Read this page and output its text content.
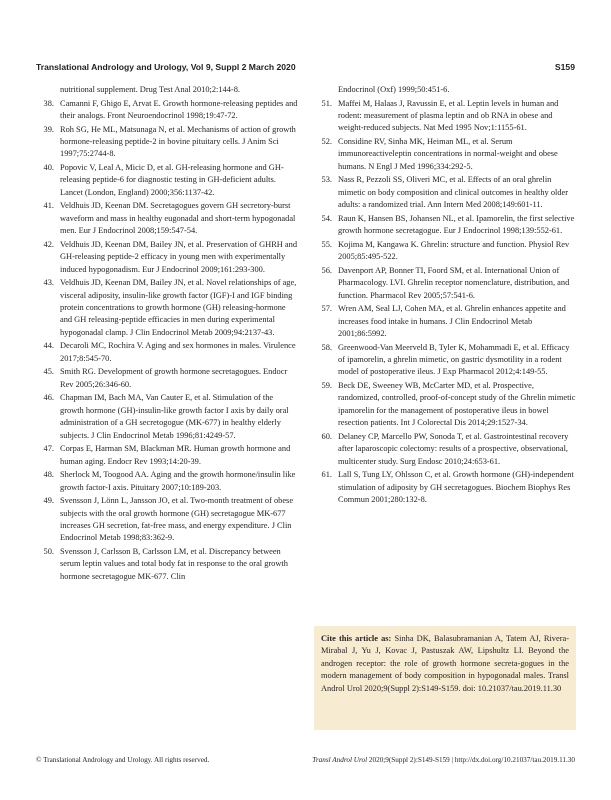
Translational Andrology and Urology, Vol 9, Suppl 2 March 2020	S159
nutritional supplement. Drug Test Anal 2010;2:144-8.
38. Camanni F, Ghigo E, Arvat E. Growth hormone-releasing peptides and their analogs. Front Neuroendocrinol 1998;19:47-72.
39. Roh SG, He ML, Matsunaga N, et al. Mechanisms of action of growth hormone-releasing peptide-2 in bovine pituitary cells. J Anim Sci 1997;75:2744-8.
40. Popovic V, Leal A, Micic D, et al. GH-releasing hormone and GH-releasing peptide-6 for diagnostic testing in GH-deficient adults. Lancet (London, England) 2000;356:1137-42.
41. Veldhuis JD, Keenan DM. Secretagogues govern GH secretory-burst waveform and mass in healthy eugonadal and short-term hypogonadal men. Eur J Endocrinol 2008;159:547-54.
42. Veldhuis JD, Keenan DM, Bailey JN, et al. Preservation of GHRH and GH-releasing peptide-2 efficacy in young men with experimentally induced hypogonadism. Eur J Endocrinol 2009;161:293-300.
43. Veldhuis JD, Keenan DM, Bailey JN, et al. Novel relationships of age, visceral adiposity, insulin-like growth factor (IGF)-I and IGF binding protein concentrations to growth hormone (GH) releasing-hormone and GH releasing-peptide efficacies in men during experimental hypogonadal clamp. J Clin Endocrinol Metab 2009;94:2137-43.
44. Decaroli MC, Rochira V. Aging and sex hormones in males. Virulence 2017;8:545-70.
45. Smith RG. Development of growth hormone secretagogues. Endocr Rev 2005;26:346-60.
46. Chapman IM, Bach MA, Van Cauter E, et al. Stimulation of the growth hormone (GH)-insulin-like growth factor I axis by daily oral administration of a GH secretogogue (MK-677) in healthy elderly subjects. J Clin Endocrinol Metab 1996;81:4249-57.
47. Corpas E, Harman SM, Blackman MR. Human growth hormone and human aging. Endocr Rev 1993;14:20-39.
48. Sherlock M, Toogood AA. Aging and the growth hormone/insulin like growth factor-I axis. Pituitary 2007;10:189-203.
49. Svensson J, Lönn L, Jansson JO, et al. Two-month treatment of obese subjects with the oral growth hormone (GH) secretagogue MK-677 increases GH secretion, fat-free mass, and energy expenditure. J Clin Endocrinol Metab 1998;83:362-9.
50. Svensson J, Carlsson B, Carlsson LM, et al. Discrepancy between serum leptin values and total body fat in response to the oral growth hormone secretagogue MK-677. Clin
Endocrinol (Oxf) 1999;50:451-6.
51. Maffei M, Halaas J, Ravussin E, et al. Leptin levels in human and rodent: measurement of plasma leptin and ob RNA in obese and weight-reduced subjects. Nat Med 1995 Nov;1:1155-61.
52. Considine RV, Sinha MK, Heiman ML, et al. Serum immunoreactiveleptin concentrations in normal-weight and obese humans. N Engl J Med 1996;334:292-5.
53. Nass R, Pezzoli SS, Oliveri MC, et al. Effects of an oral ghrelin mimetic on body composition and clinical outcomes in healthy older adults: a randomized trial. Ann Intern Med 2008;149:601-11.
54. Raun K, Hansen BS, Johansen NL, et al. Ipamorelin, the first selective growth hormone secretagogue. Eur J Endocrinol 1998;139:552-61.
55. Kojima M, Kangawa K. Ghrelin: structure and function. Physiol Rev 2005;85:495-522.
56. Davenport AP, Bonner TI, Foord SM, et al. International Union of Pharmacology. LVI. Ghrelin receptor nomenclature, distribution, and function. Pharmacol Rev 2005;57:541-6.
57. Wren AM, Seal LJ, Cohen MA, et al. Ghrelin enhances appetite and increases food intake in humans. J Clin Endocrinol Metab 2001;86:5992.
58. Greenwood-Van Meerveld B, Tyler K, Mohammadi E, et al. Efficacy of ipamorelin, a ghrelin mimetic, on gastric dysmotility in a rodent model of postoperative ileus. J Exp Pharmacol 2012;4:149-55.
59. Beck DE, Sweeney WB, McCarter MD, et al. Prospective, randomized, controlled, proof-of-concept study of the Ghrelin mimetic ipamorelin for the management of postoperative ileus in bowel resection patients. Int J Colorectal Dis 2014;29:1527-34.
60. Delaney CP, Marcello PW, Sonoda T, et al. Gastrointestinal recovery after laparoscopic colectomy: results of a prospective, observational, multicenter study. Surg Endosc 2010;24:653-61.
61. Lall S, Tung LY, Ohlsson C, et al. Growth hormone (GH)-independent stimulation of adiposity by GH secretagogues. Biochem Biophys Res Commun 2001;280:132-8.
Cite this article as: Sinha DK, Balasubramanian A, Tatem AJ, Rivera-Mirabal J, Yu J, Kovac J, Pastuszak AW, Lipshultz LI. Beyond the androgen receptor: the role of growth hormone secreta-gogues in the modern management of body composition in hypogonadal males. Transl Androl Urol 2020;9(Suppl 2):S149-S159. doi: 10.21037/tau.2019.11.30
© Translational Andrology and Urology. All rights reserved.	Transl Androl Urol 2020;9(Suppl 2):S149-S159 | http://dx.doi.org/10.21037/tau.2019.11.30
